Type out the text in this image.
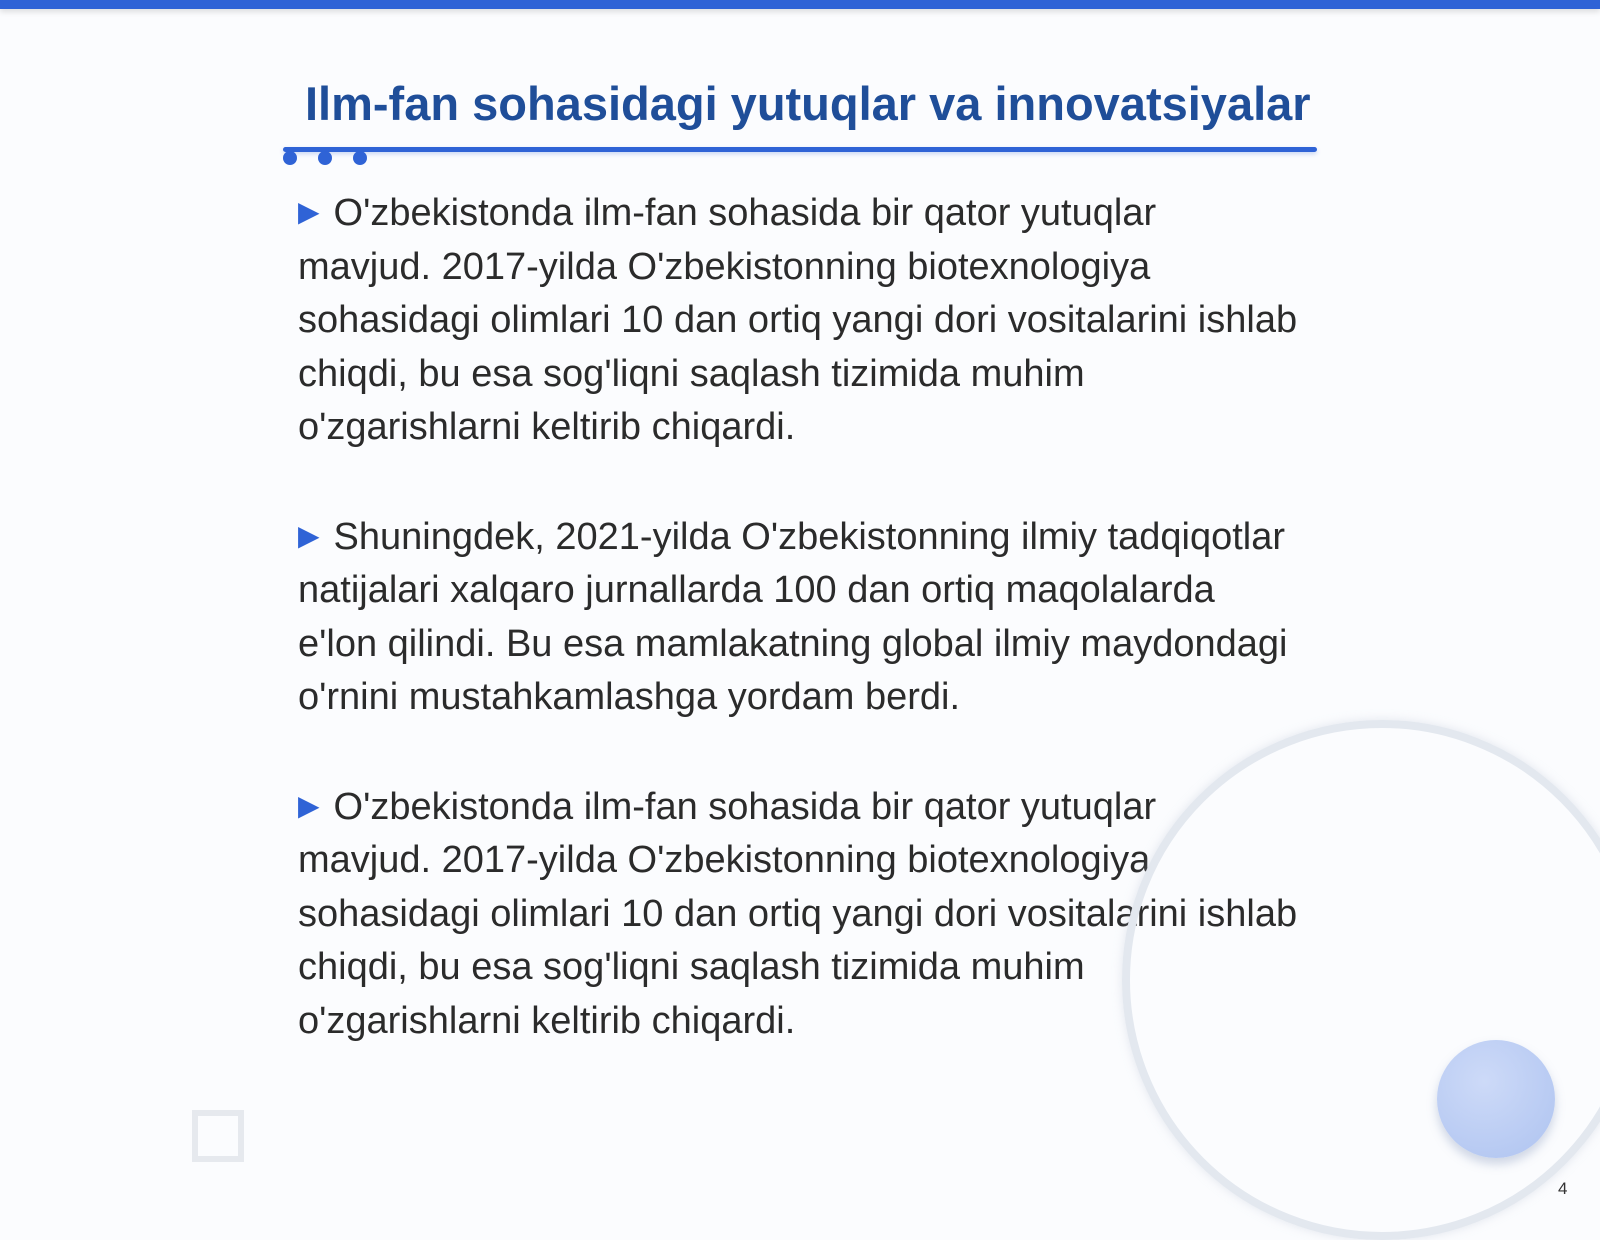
Ilm-fan sohasidagi yutuqlar va innovatsiyalar

▶ O'zbekistonda ilm-fan sohasida bir qator yutuqlar mavjud. 2017-yilda O'zbekistonning biotexnologiya sohasidagi olimlari 10 dan ortiq yangi dori vositalarini ishlab chiqdi, bu esa sog'liqni saqlash tizimida muhim o'zgarishlarni keltirib chiqardi.

▶ Shuningdek, 2021-yilda O'zbekistonning ilmiy tadqiqotlar natijalari xalqaro jurnallarda 100 dan ortiq maqolalarda e'lon qilindi. Bu esa mamlakatning global ilmiy maydondagi o'rnini mustahkamlashga yordam berdi.

▶ O'zbekistonda ilm-fan sohasida bir qator yutuqlar mavjud. 2017-yilda O'zbekistonning biotexnologiya sohasidagi olimlari 10 dan ortiq yangi dori vositalarini ishlab chiqdi, bu esa sog'liqni saqlash tizimida muhim o'zgarishlarni keltirib chiqardi.

4
